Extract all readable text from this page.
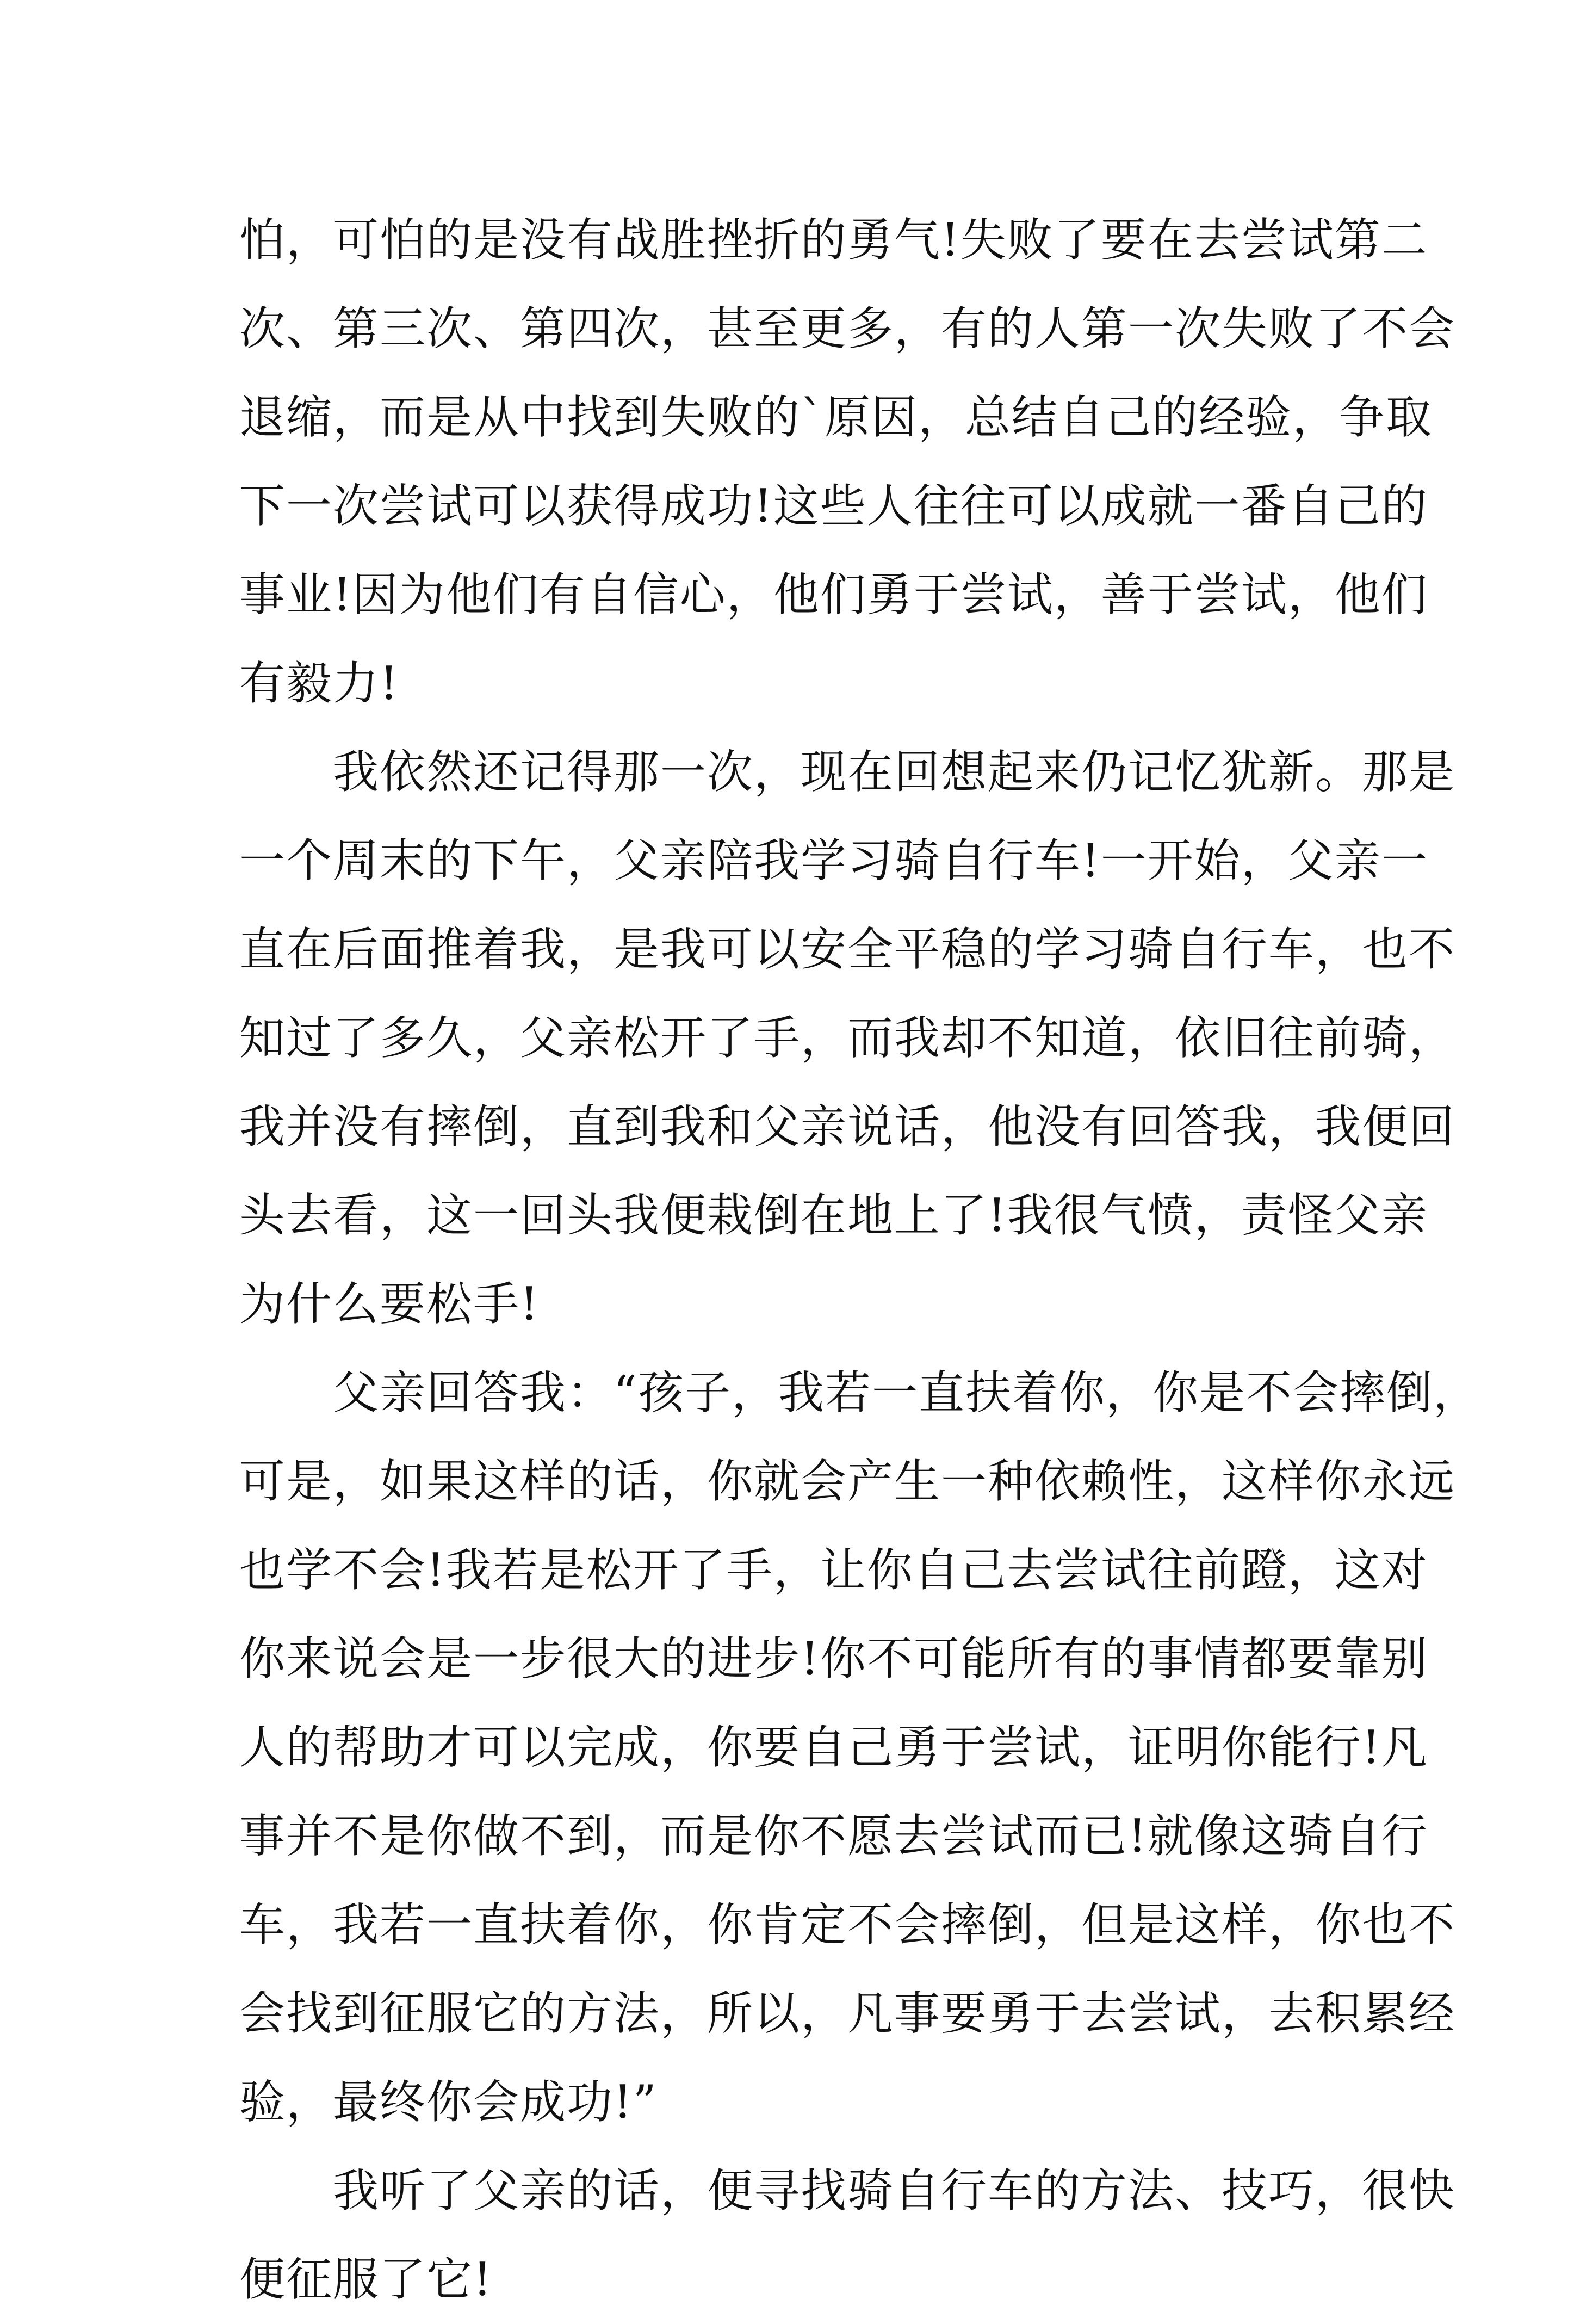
怕，可怕的是没有战胜挫折的勇气!失败了要在去尝试第二
次、第三次、第四次，甚至更多，有的人第一次失败了不会
退缩，而是从中找到失败的`原因，总结自己的经验，争取
下一次尝试可以获得成功!这些人往往可以成就一番自己的
事业!因为他们有自信心，他们勇于尝试，善于尝试，他们
有毅力!
　　我依然还记得那一次，现在回想起来仍记忆犹新。那是
一个周末的下午，父亲陪我学习骑自行车!一开始，父亲一
直在后面推着我，是我可以安全平稳的学习骑自行车，也不
知过了多久，父亲松开了手，而我却不知道，依旧往前骑，
我并没有摔倒，直到我和父亲说话，他没有回答我，我便回
头去看，这一回头我便栽倒在地上了!我很气愤，责怪父亲
为什么要松手!
　　父亲回答我：“孩子，我若一直扶着你，你是不会摔倒，
可是，如果这样的话，你就会产生一种依赖性，这样你永远
也学不会!我若是松开了手，让你自己去尝试往前蹬，这对
你来说会是一步很大的进步!你不可能所有的事情都要靠别
人的帮助才可以完成，你要自己勇于尝试，证明你能行!凡
事并不是你做不到，而是你不愿去尝试而已!就像这骑自行
车，我若一直扶着你，你肯定不会摔倒，但是这样，你也不
会找到征服它的方法，所以，凡事要勇于去尝试，去积累经
验，最终你会成功!”
　　我听了父亲的话，便寻找骑自行车的方法、技巧，很快
便征服了它!
